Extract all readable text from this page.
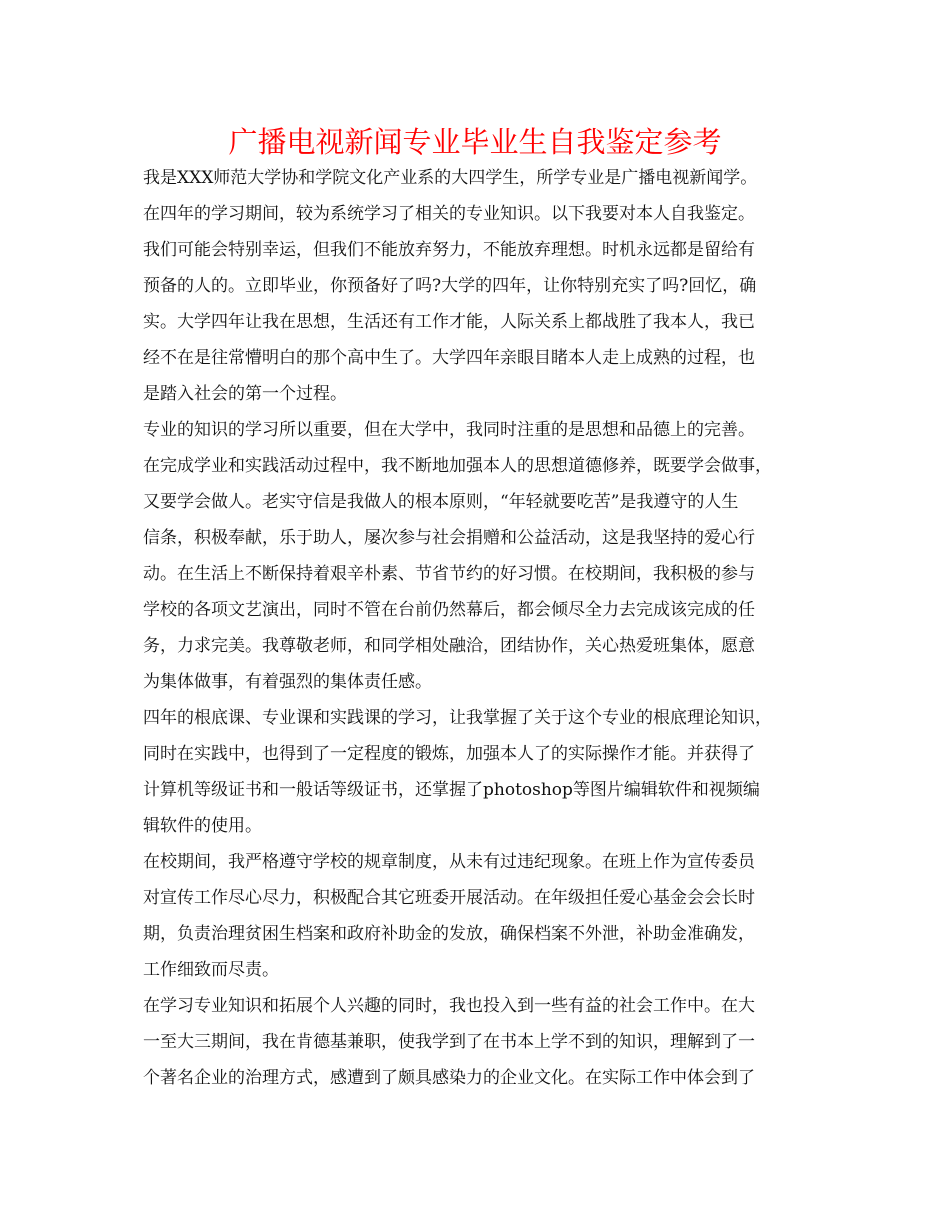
广播电视新闻专业毕业生自我鉴定参考
我是XXX师范大学协和学院文化产业系的大四学生，所学专业是广播电视新闻学。
在四年的学习期间，较为系统学习了相关的专业知识。以下我要对本人自我鉴定。
我们可能会特别幸运，但我们不能放弃努力，不能放弃理想。时机永远都是留给有
预备的人的。立即毕业，你预备好了吗?大学的四年，让你特别充实了吗?回忆，确
实。大学四年让我在思想，生活还有工作才能，人际关系上都战胜了我本人，我已
经不在是往常懵明白的那个高中生了。大学四年亲眼目睹本人走上成熟的过程，也
是踏入社会的第一个过程。
专业的知识的学习所以重要，但在大学中，我同时注重的是思想和品德上的完善。
在完成学业和实践活动过程中，我不断地加强本人的思想道德修养，既要学会做事，
又要学会做人。老实守信是我做人的根本原则，“年轻就要吃苦”是我遵守的人生
信条，积极奉献，乐于助人，屡次参与社会捐赠和公益活动，这是我坚持的爱心行
动。在生活上不断保持着艰辛朴素、节省节约的好习惯。在校期间，我积极的参与
学校的各项文艺演出，同时不管在台前仍然幕后，都会倾尽全力去完成该完成的任
务，力求完美。我尊敬老师，和同学相处融洽，团结协作，关心热爱班集体，愿意
为集体做事，有着强烈的集体责任感。
四年的根底课、专业课和实践课的学习，让我掌握了关于这个专业的根底理论知识，
同时在实践中，也得到了一定程度的锻炼，加强本人了的实际操作才能。并获得了
计算机等级证书和一般话等级证书，还掌握了photoshop等图片编辑软件和视频编
辑软件的使用。
在校期间，我严格遵守学校的规章制度，从未有过违纪现象。在班上作为宣传委员
对宣传工作尽心尽力，积极配合其它班委开展活动。在年级担任爱心基金会会长时
期，负责治理贫困生档案和政府补助金的发放，确保档案不外泄，补助金准确发，
工作细致而尽责。
在学习专业知识和拓展个人兴趣的同时，我也投入到一些有益的社会工作中。在大
一至大三期间，我在肯德基兼职，使我学到了在书本上学不到的知识，理解到了一
个著名企业的治理方式，感遭到了颇具感染力的企业文化。在实际工作中体会到了
